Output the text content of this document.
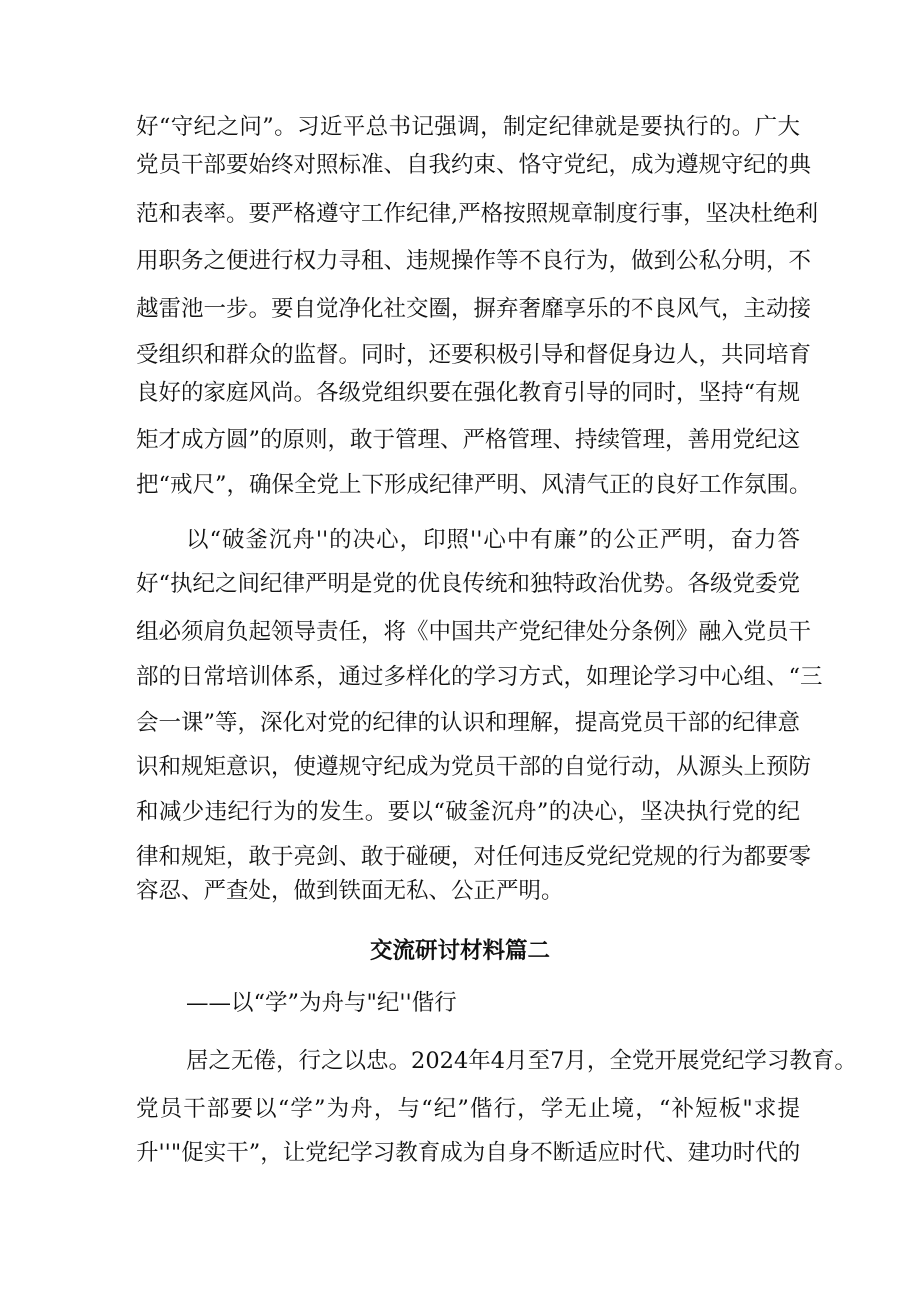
好“守纪之问”。习近平总书记强调，制定纪律就是要执行的。广大
党员干部要始终对照标准、自我约束、恪守党纪，成为遵规守纪的典
范和表率。要严格遵守工作纪律,严格按照规章制度行事，坚决杜绝利
用职务之便进行权力寻租、违规操作等不良行为，做到公私分明，不
越雷池一步。要自觉净化社交圈，摒弃奢靡享乐的不良风气，主动接
受组织和群众的监督。同时，还要积极引导和督促身边人，共同培育
良好的家庭风尚。各级党组织要在强化教育引导的同时，坚持“有规
矩才成方圆”的原则，敢于管理、严格管理、持续管理，善用党纪这
把“戒尺”，确保全党上下形成纪律严明、风清气正的良好工作氛围。
以“破釜沉舟''的决心，印照''心中有廉”的公正严明，奋力答
好“执纪之间纪律严明是党的优良传统和独特政治优势。各级党委党
组必须肩负起领导责任，将《中国共产党纪律处分条例》融入党员干
部的日常培训体系，通过多样化的学习方式，如理论学习中心组、“三
会一课”等，深化对党的纪律的认识和理解，提高党员干部的纪律意
识和规矩意识，使遵规守纪成为党员干部的自觉行动，从源头上预防
和减少违纪行为的发生。要以“破釜沉舟”的决心，坚决执行党的纪
律和规矩，敢于亮剑、敢于碰硬，对任何违反党纪党规的行为都要零
容忍、严查处，做到铁面无私、公正严明。
交流研讨材料篇二
——以“学”为舟与"纪''偕行
居之无倦，行之以忠。2024年4月至7月，全党开展党纪学习教育。
党员干部要以“学”为舟，与“纪”偕行，学无止境，“补短板"求提
升''"促实干”，让党纪学习教育成为自身不断适应时代、建功时代的
